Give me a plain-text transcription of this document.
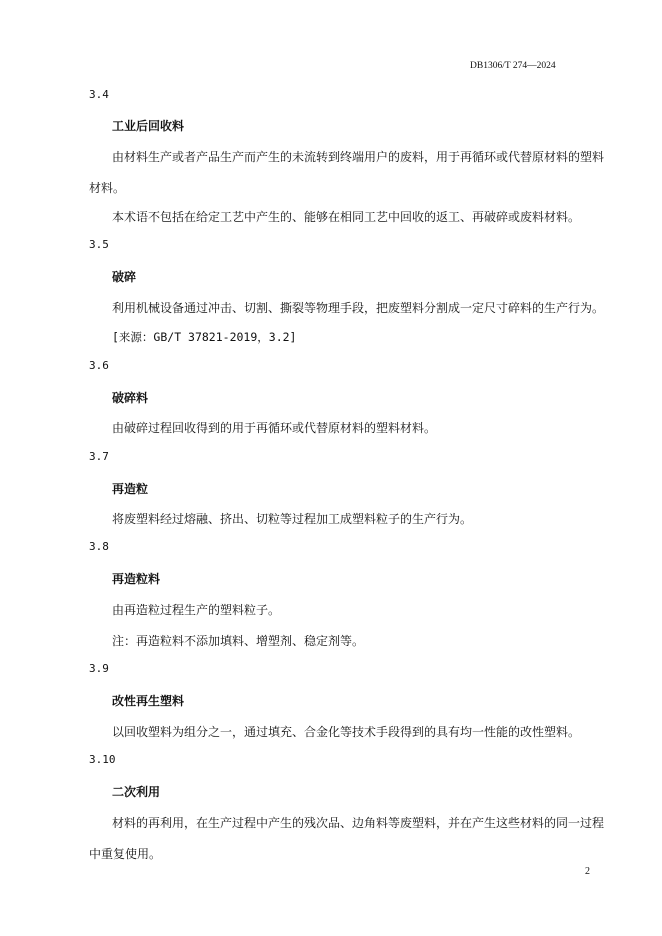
DB1306/T 274—2024
3.4
工业后回收料
由材料生产或者产品生产而产生的未流转到终端用户的废料，用于再循环或代替原材料的塑料
材料。
本术语不包括在给定工艺中产生的、能够在相同工艺中回收的返工、再破碎或废料材料。
3.5
破碎
利用机械设备通过冲击、切割、撕裂等物理手段，把废塑料分割成一定尺寸碎料的生产行为。
[来源：GB/T 37821-2019，3.2]
3.6
破碎料
由破碎过程回收得到的用于再循环或代替原材料的塑料材料。
3.7
再造粒
将废塑料经过熔融、挤出、切粒等过程加工成塑料粒子的生产行为。
3.8
再造粒料
由再造粒过程生产的塑料粒子。
注：再造粒料不添加填料、增塑剂、稳定剂等。
3.9
改性再生塑料
以回收塑料为组分之一，通过填充、合金化等技术手段得到的具有均一性能的改性塑料。
3.10
二次利用
材料的再利用，在生产过程中产生的残次品、边角料等废塑料，并在产生这些材料的同一过程
中重复使用。
2
